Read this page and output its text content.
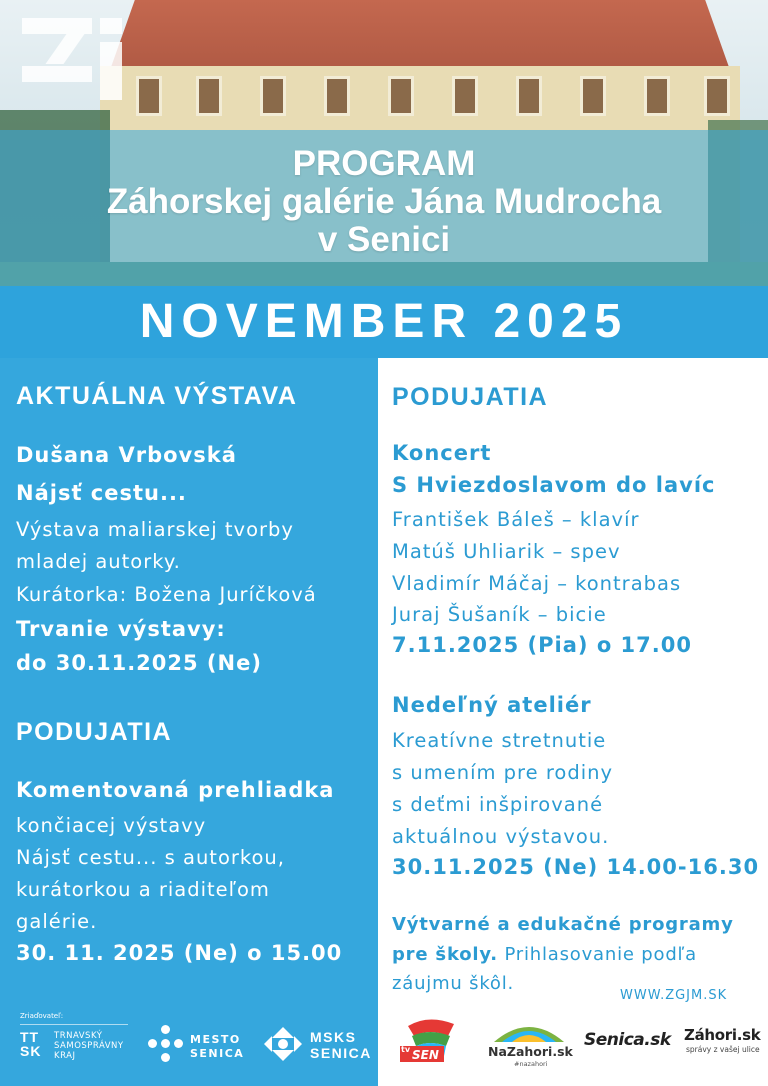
PROGRAM
Záhorskej galérie Jána Mudrocha
v Senici
NOVEMBER 2025
AKTUÁLNA VÝSTAVA
Dušana Vrbovská
Nájsť cestu...
Výstava maliarskej tvorby
mladej autorky.
Kurátorka: Božena Juríčková
Trvanie výstavy:
do 30.11.2025 (Ne)
PODUJATIA
Komentovaná prehliadka
končiacej výstavy
Nájsť cestu... s autorkou,
kurátorkou a riaditeľom
galérie.
30. 11. 2025 (Ne) o 15.00
PODUJATIA
Koncert
S Hviezdoslavom do lavíc
František Báleš – klavír
Matúš Uhliarik – spev
Vladimír Máčaj – kontrabas
Juraj Šušaník – bicie
7.11.2025 (Pia) o 17.00
Nedeľný ateliér
Kreatívne stretnutie
s umením pre rodiny
s deťmi inšpirované
aktuálnou výstavou.
30.11.2025 (Ne) 14.00-16.30
Výtvarné a edukačné programy
pre školy. Prihlasovanie podľa
záujmu škôl.
WWW.ZGJM.SK
Zriaďovateľ:
TT
SK
TRNAVSKÝ
SAMOSPRÁVNY
KRAJ
MESTO
SENICA
MSKS
SENICA	tv SEN	NaZahori.sk
#nazahori
Senica.sk Záhori.sk
správy z vašej ulice
